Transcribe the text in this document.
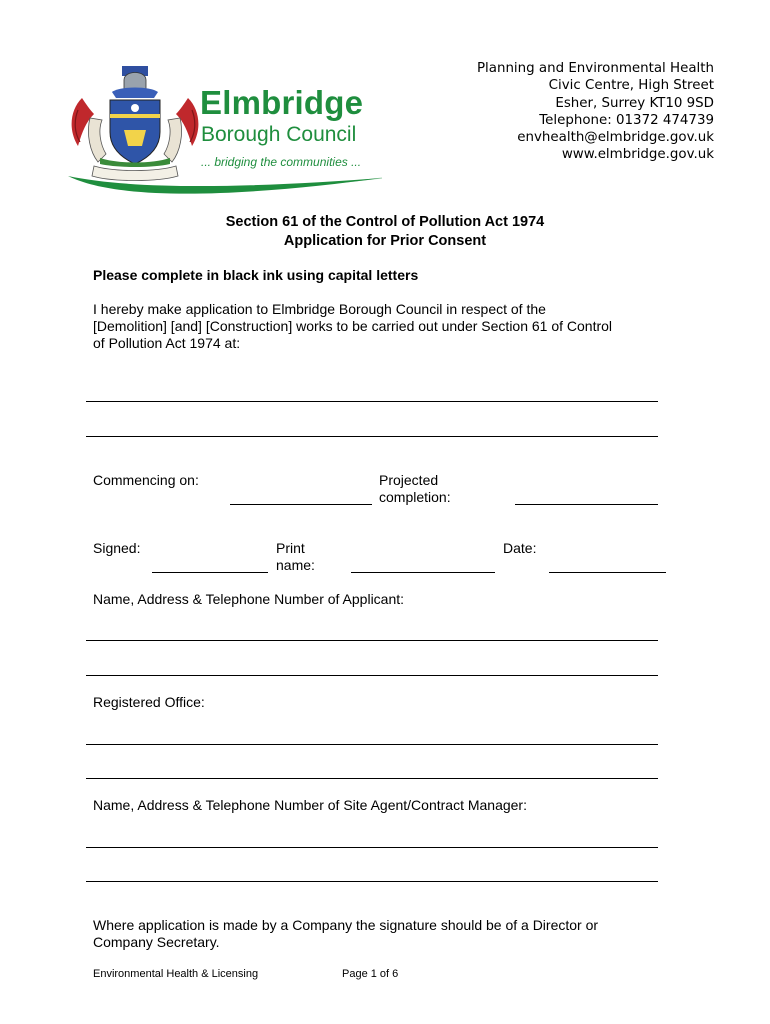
Elmbridge
Borough Council
... bridging the communities ...
Planning and Environmental Health
Civic Centre, High Street
Esher, Surrey KT10 9SD
Telephone: 01372 474739
envhealth@elmbridge.gov.uk
www.elmbridge.gov.uk
Section 61 of the Control of Pollution Act 1974
Application for Prior Consent
Please complete in black ink using capital letters
I hereby make application to Elmbridge Borough Council in respect of the
[Demolition] [and] [Construction] works to be carried out under Section 61 of Control
of Pollution Act 1974 at:
Commencing on:	Projected
completion:
Signed:	Print
name:
Date:
Name, Address & Telephone Number of Applicant:
Registered Office:
Name, Address & Telephone Number of Site Agent/Contract Manager:
Where application is made by a Company the signature should be of a Director or
Company Secretary.
Environmental Health & Licensing	Page 1 of 6
